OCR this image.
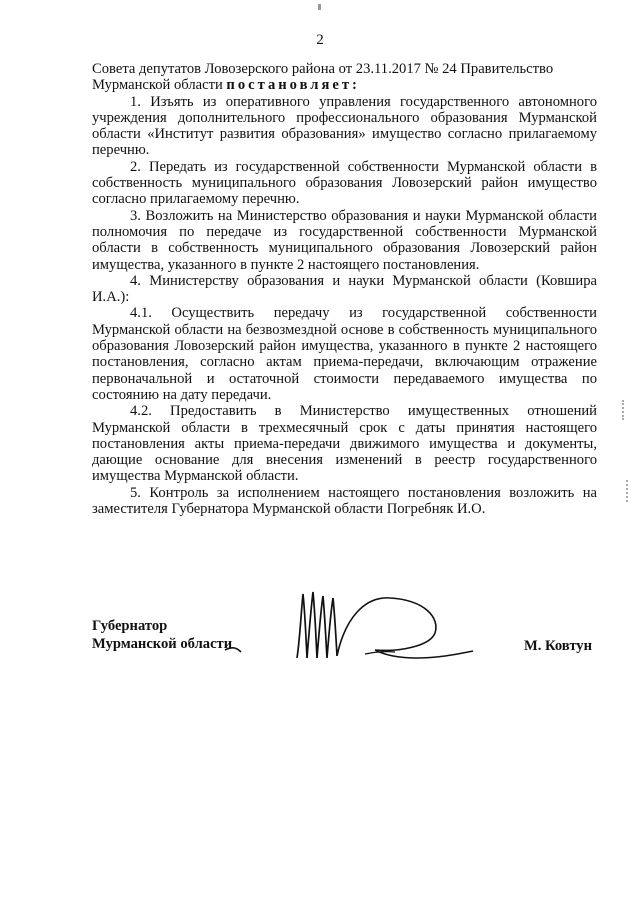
2

Совета депутатов Ловозерского района от 23.11.2017 № 24 Правительство

Мурманской области постановляет:

1. Изъять из оперативного управления государственного автономного учреждения дополнительного профессионального образования Мурманской области «Институт развития образования» имущество согласно прилагаемому перечню.

2. Передать из государственной собственности Мурманской области в собственность муниципального образования Ловозерский район имущество согласно прилагаемому перечню.

3. Возложить на Министерство образования и науки Мурманской области полномочия по передаче из государственной собственности Мурманской области в собственность муниципального образования Ловозерский район имущества, указанного в пункте 2 настоящего постановления.

4. Министерству образования и науки Мурманской области (Ковшира И.А.):

4.1. Осуществить передачу из государственной собственности Мурманской области на безвозмездной основе в собственность муниципального образования Ловозерский район имущества, указанного в пункте 2 настоящего постановления, согласно актам приема-передачи, включающим отражение первоначальной и остаточной стоимости передаваемого имущества по состоянию на дату передачи.

4.2. Предоставить в Министерство имущественных отношений Мурманской области в трехмесячный срок с даты принятия настоящего постановления акты приема-передачи движимого имущества и документы, дающие основание для внесения изменений в реестр государственного имущества Мурманской области.

5. Контроль за исполнением настоящего постановления возложить на заместителя Губернатора Мурманской области Погребняк И.О.

Губернатор
Мурманской области	М. Ковтун
